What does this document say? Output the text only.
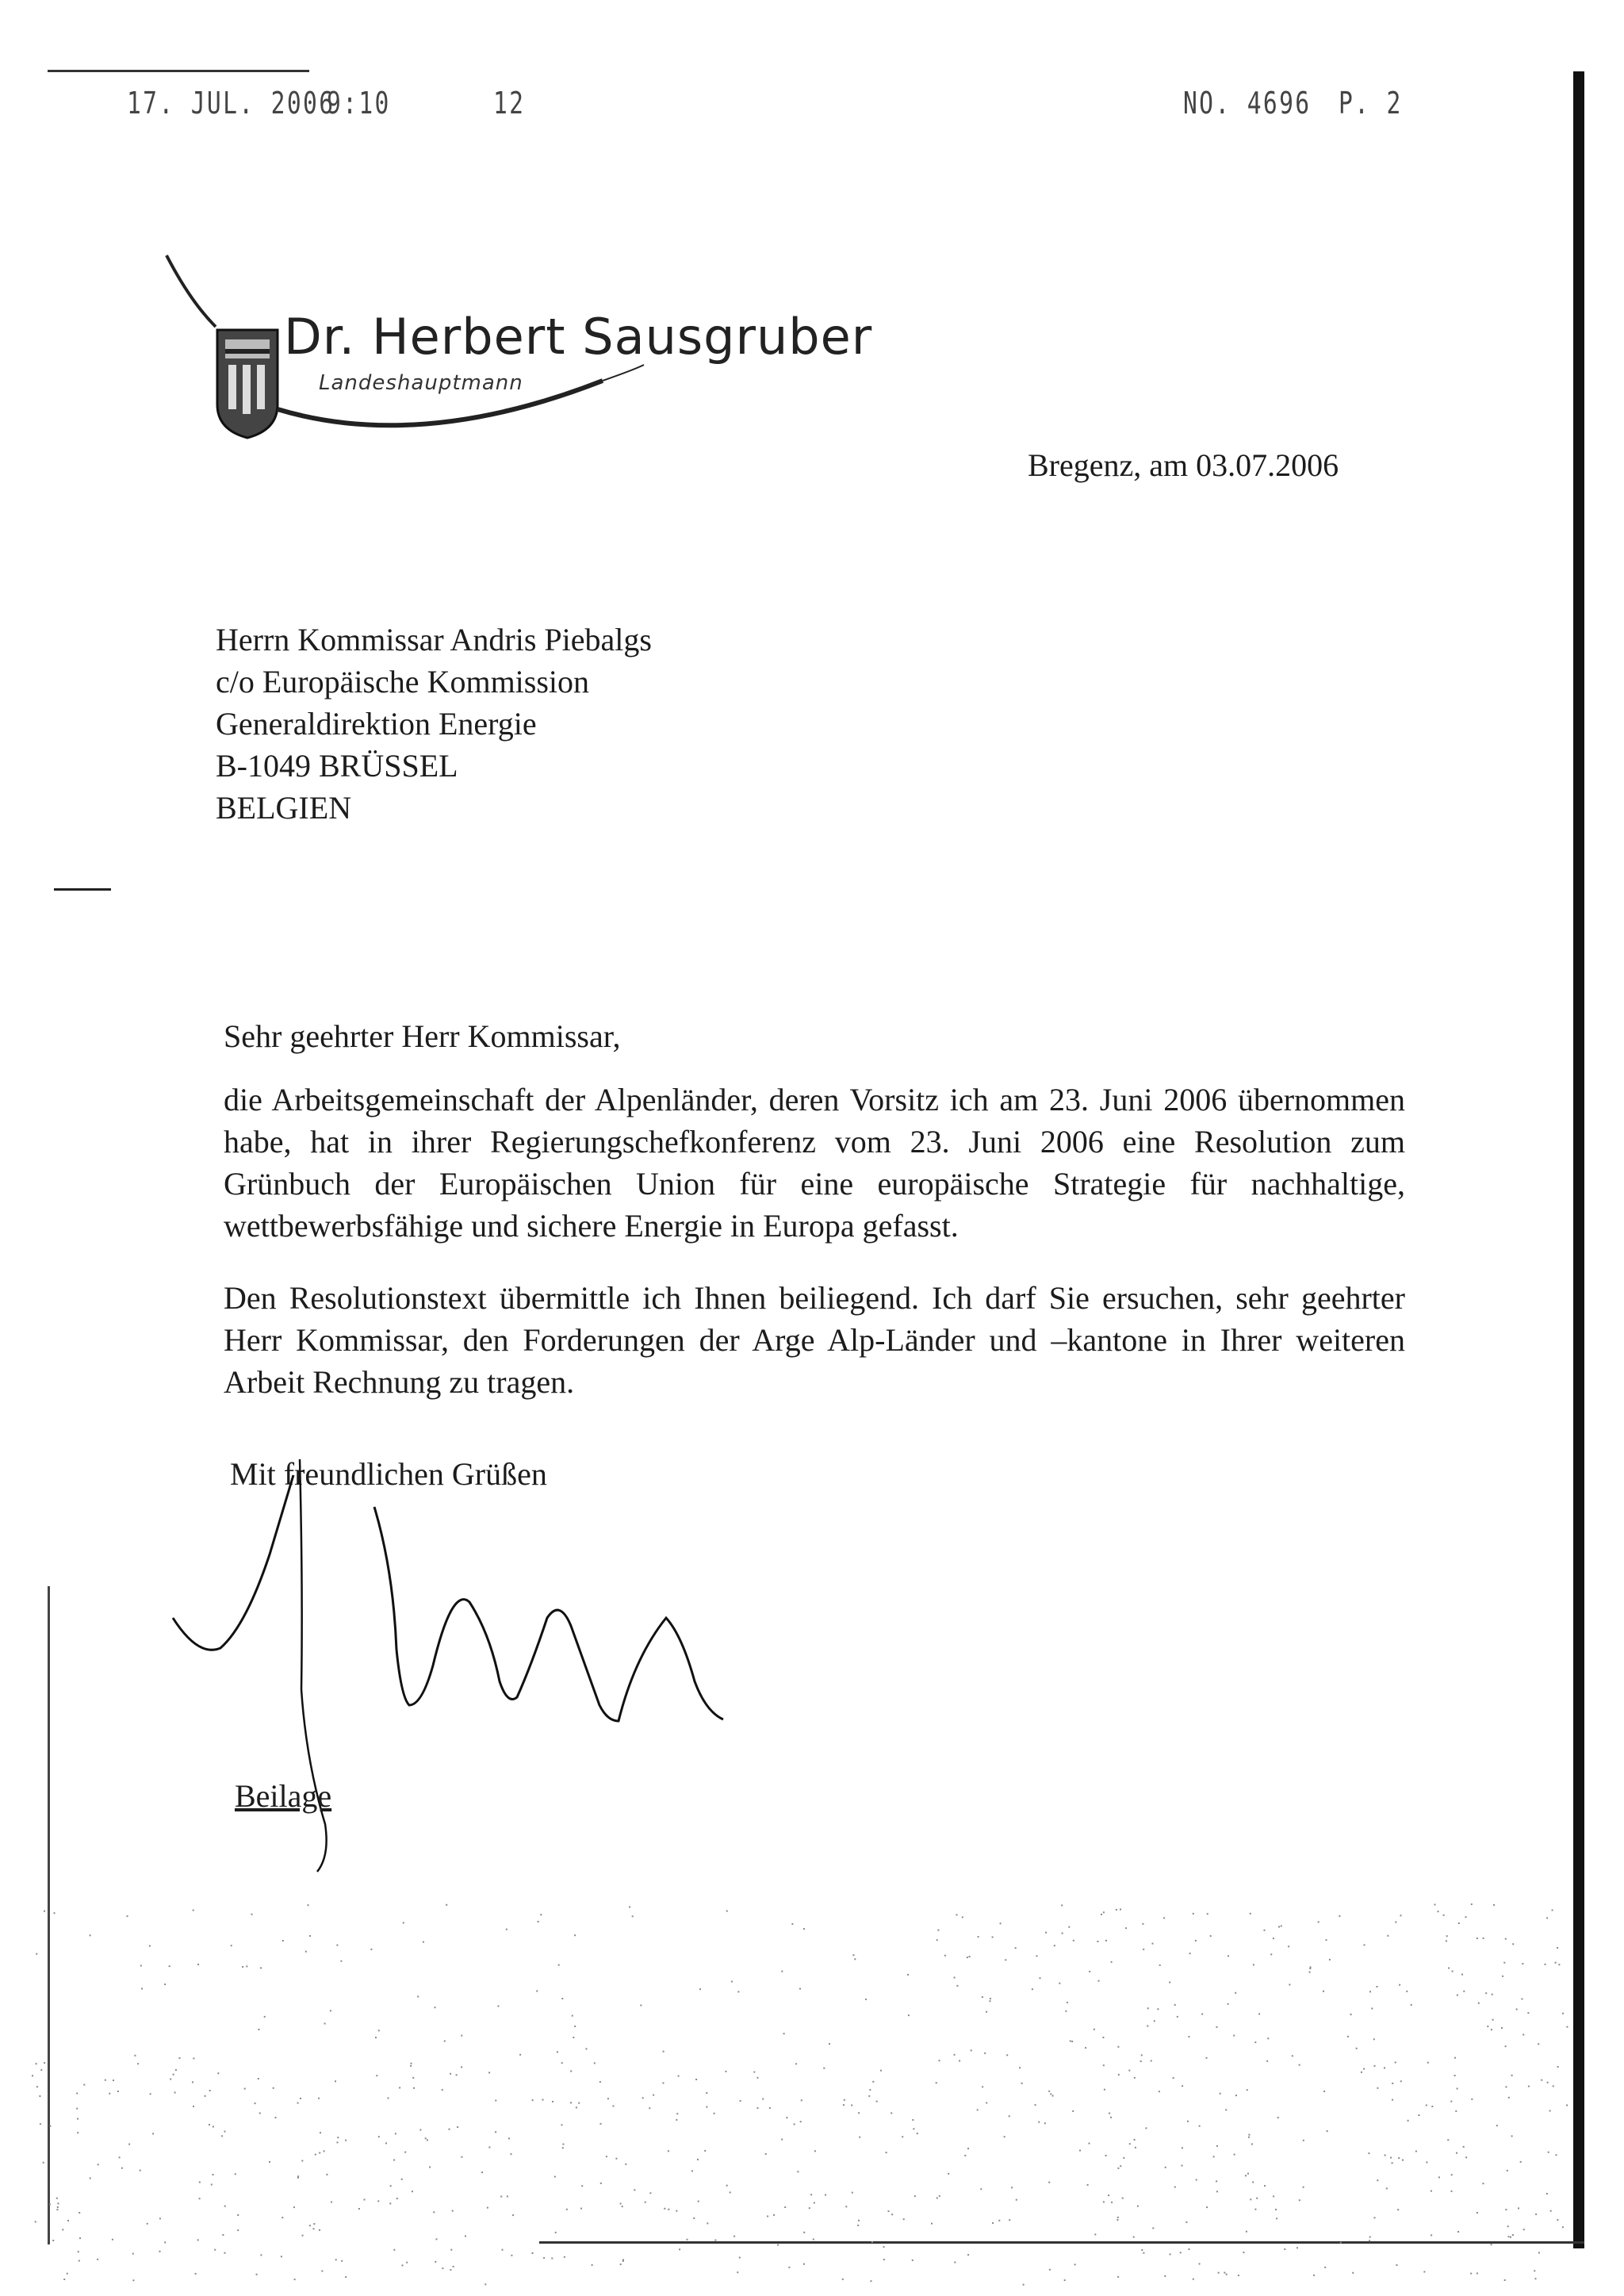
17. JUL. 2006
9:10	12	NO. 4696 P. 2
Dr. Herbert Sausgruber
Landeshauptmann
Bregenz, am 03.07.2006
Herrn Kommissar Andris Piebalgs
c/o Europäische Kommission
Generaldirektion Energie
B-1049 BRÜSSEL
BELGIEN
Sehr geehrter Herr Kommissar,
die Arbeitsgemeinschaft der Alpenländer, deren Vorsitz ich am 23. Juni 2006 übernommen habe, hat in ihrer Regierungschefkonferenz vom 23. Juni 2006 eine Resolution zum Grünbuch der Europäischen Union für eine europäische Strategie für nachhaltige, wettbewerbsfähige und sichere Energie in Europa gefasst.
Den Resolutionstext übermittle ich Ihnen beiliegend. Ich darf Sie ersuchen, sehr geehrter Herr Kommissar, den Forderungen der Arge Alp-Länder und –kantone in Ihrer weiteren Arbeit Rechnung zu tragen.
Mit freundlichen Grüßen
Beilage
